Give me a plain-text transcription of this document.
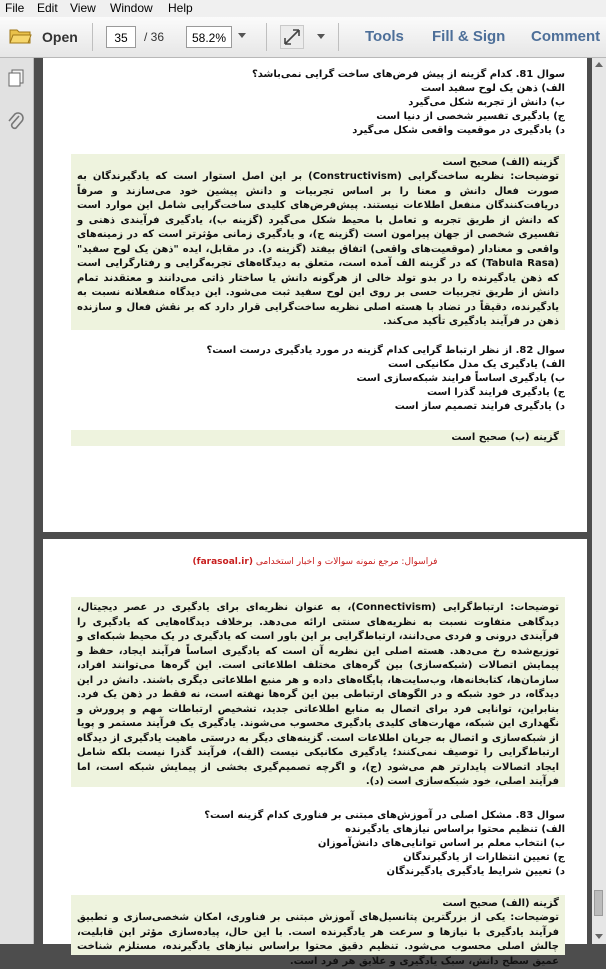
File Edit View Window Help
Open	35	/ 36	58.2%	Tools Fill & Sign Comment
سوال 81. کدام گزینه از پیش فرض‌های ساخت گرایی نمی‌باشد؟
الف) ذهن یک لوح سفید است
ب) دانش از تجربه شکل می‌گیرد
ج) یادگیری تفسیر شخصی از دنیا است
د) یادگیری در موقعیت واقعی شکل می‌گیرد
گزینه (الف) صحیح است
توضیحات: نظریه ساخت‌گرایی (Constructivism) بر این اصل استوار است که یادگیرندگان به صورت فعال دانش و معنا را بر اساس تجربیات و دانش پیشین خود می‌سازند و صرفاً دریافت‌کنندگان منفعل اطلاعات نیستند. پیش‌فرض‌های کلیدی ساخت‌گرایی شامل این موارد است که دانش از طریق تجربه و تعامل با محیط شکل می‌گیرد (گزینه ب)، یادگیری فرآیندی ذهنی و تفسیری شخصی از جهان پیرامون است (گزینه ج)، و یادگیری زمانی مؤثرتر است که در زمینه‌های واقعی و معنادار (موقعیت‌های واقعی) اتفاق بیفتد (گزینه د). در مقابل، ایده "ذهن یک لوح سفید" (Tabula Rasa) که در گزینه الف آمده است، متعلق به دیدگاه‌های تجربه‌گرایی و رفتارگرایی است که ذهن یادگیرنده را در بدو تولد خالی از هرگونه دانش یا ساختار ذاتی می‌دانند و معتقدند تمام دانش از طریق تجربیات حسی بر روی این لوح سفید ثبت می‌شود. این دیدگاه منفعلانه نسبت به یادگیرنده، دقیقاً در تضاد با هسته اصلی نظریه ساخت‌گرایی قرار دارد که بر نقش فعال و سازنده ذهن در فرآیند یادگیری تأکید می‌کند.
سوال 82. از نظر ارتباط گرایی کدام گزینه در مورد یادگیری درست است؟
الف) یادگیری یک مدل مکانیکی است
ب) یادگیری اساساً فرایند شبکه‌سازی است
ج) یادگیری فرایند گذرا است
د) یادگیری فرایند تصمیم ساز است
گزینه (ب) صحیح است
فراسوال: مرجع نمونه سوالات و اخبار استخدامی (farasoal.ir)
توضیحات: ارتباط‌گرایی (Connectivism)، به عنوان نظریه‌ای برای یادگیری در عصر دیجیتال، دیدگاهی متفاوت نسبت به نظریه‌های سنتی ارائه می‌دهد. برخلاف دیدگاه‌هایی که یادگیری را فرآیندی درونی و فردی می‌دانند، ارتباط‌گرایی بر این باور است که یادگیری در یک محیط شبکه‌ای و توزیع‌شده رخ می‌دهد. هسته اصلی این نظریه آن است که یادگیری اساساً فرآیند ایجاد، حفظ و پیمایش اتصالات (شبکه‌سازی) بین گره‌های مختلف اطلاعاتی است. این گره‌ها می‌توانند افراد، سازمان‌ها، کتابخانه‌ها، وب‌سایت‌ها، پایگاه‌های داده و هر منبع اطلاعاتی دیگری باشند. دانش در این دیدگاه، در خود شبکه و در الگوهای ارتباطی بین این گره‌ها نهفته است، نه فقط در ذهن یک فرد. بنابراین، توانایی فرد برای اتصال به منابع اطلاعاتی جدید، تشخیص ارتباطات مهم و پرورش و نگهداری این شبکه، مهارت‌های کلیدی یادگیری محسوب می‌شوند. یادگیری یک فرآیند مستمر و پویا از شبکه‌سازی و اتصال به جریان اطلاعات است. گزینه‌های دیگر به درستی ماهیت یادگیری از دیدگاه ارتباط‌گرایی را توصیف نمی‌کنند؛ یادگیری مکانیکی نیست (الف)، فرآیند گذرا نیست بلکه شامل ایجاد اتصالات پایدارتر هم می‌شود (ج)، و اگرچه تصمیم‌گیری بخشی از پیمایش شبکه است، اما فرآیند اصلی، خود شبکه‌سازی است (د).
سوال 83. مشکل اصلی در آموزش‌های مبتنی بر فناوری کدام گزینه است؟
الف) تنظیم محتوا براساس نیازهای یادگیرنده
ب) انتخاب معلم بر اساس توانایی‌های دانش‌آموزان
ج) تعیین انتظارات از یادگیرندگان
د) تعیین شرایط یادگیری یادگیرندگان
گزینه (الف) صحیح است
توضیحات: یکی از بزرگترین پتانسیل‌های آموزش مبتنی بر فناوری، امکان شخصی‌سازی و تطبیق فرآیند یادگیری با نیازها و سرعت هر یادگیرنده است. با این حال، پیاده‌سازی مؤثر این قابلیت، چالش اصلی محسوب می‌شود. تنظیم دقیق محتوا براساس نیازهای یادگیرنده، مستلزم شناخت عمیق سطح دانش، سبک یادگیری و علایق هر فرد است.
